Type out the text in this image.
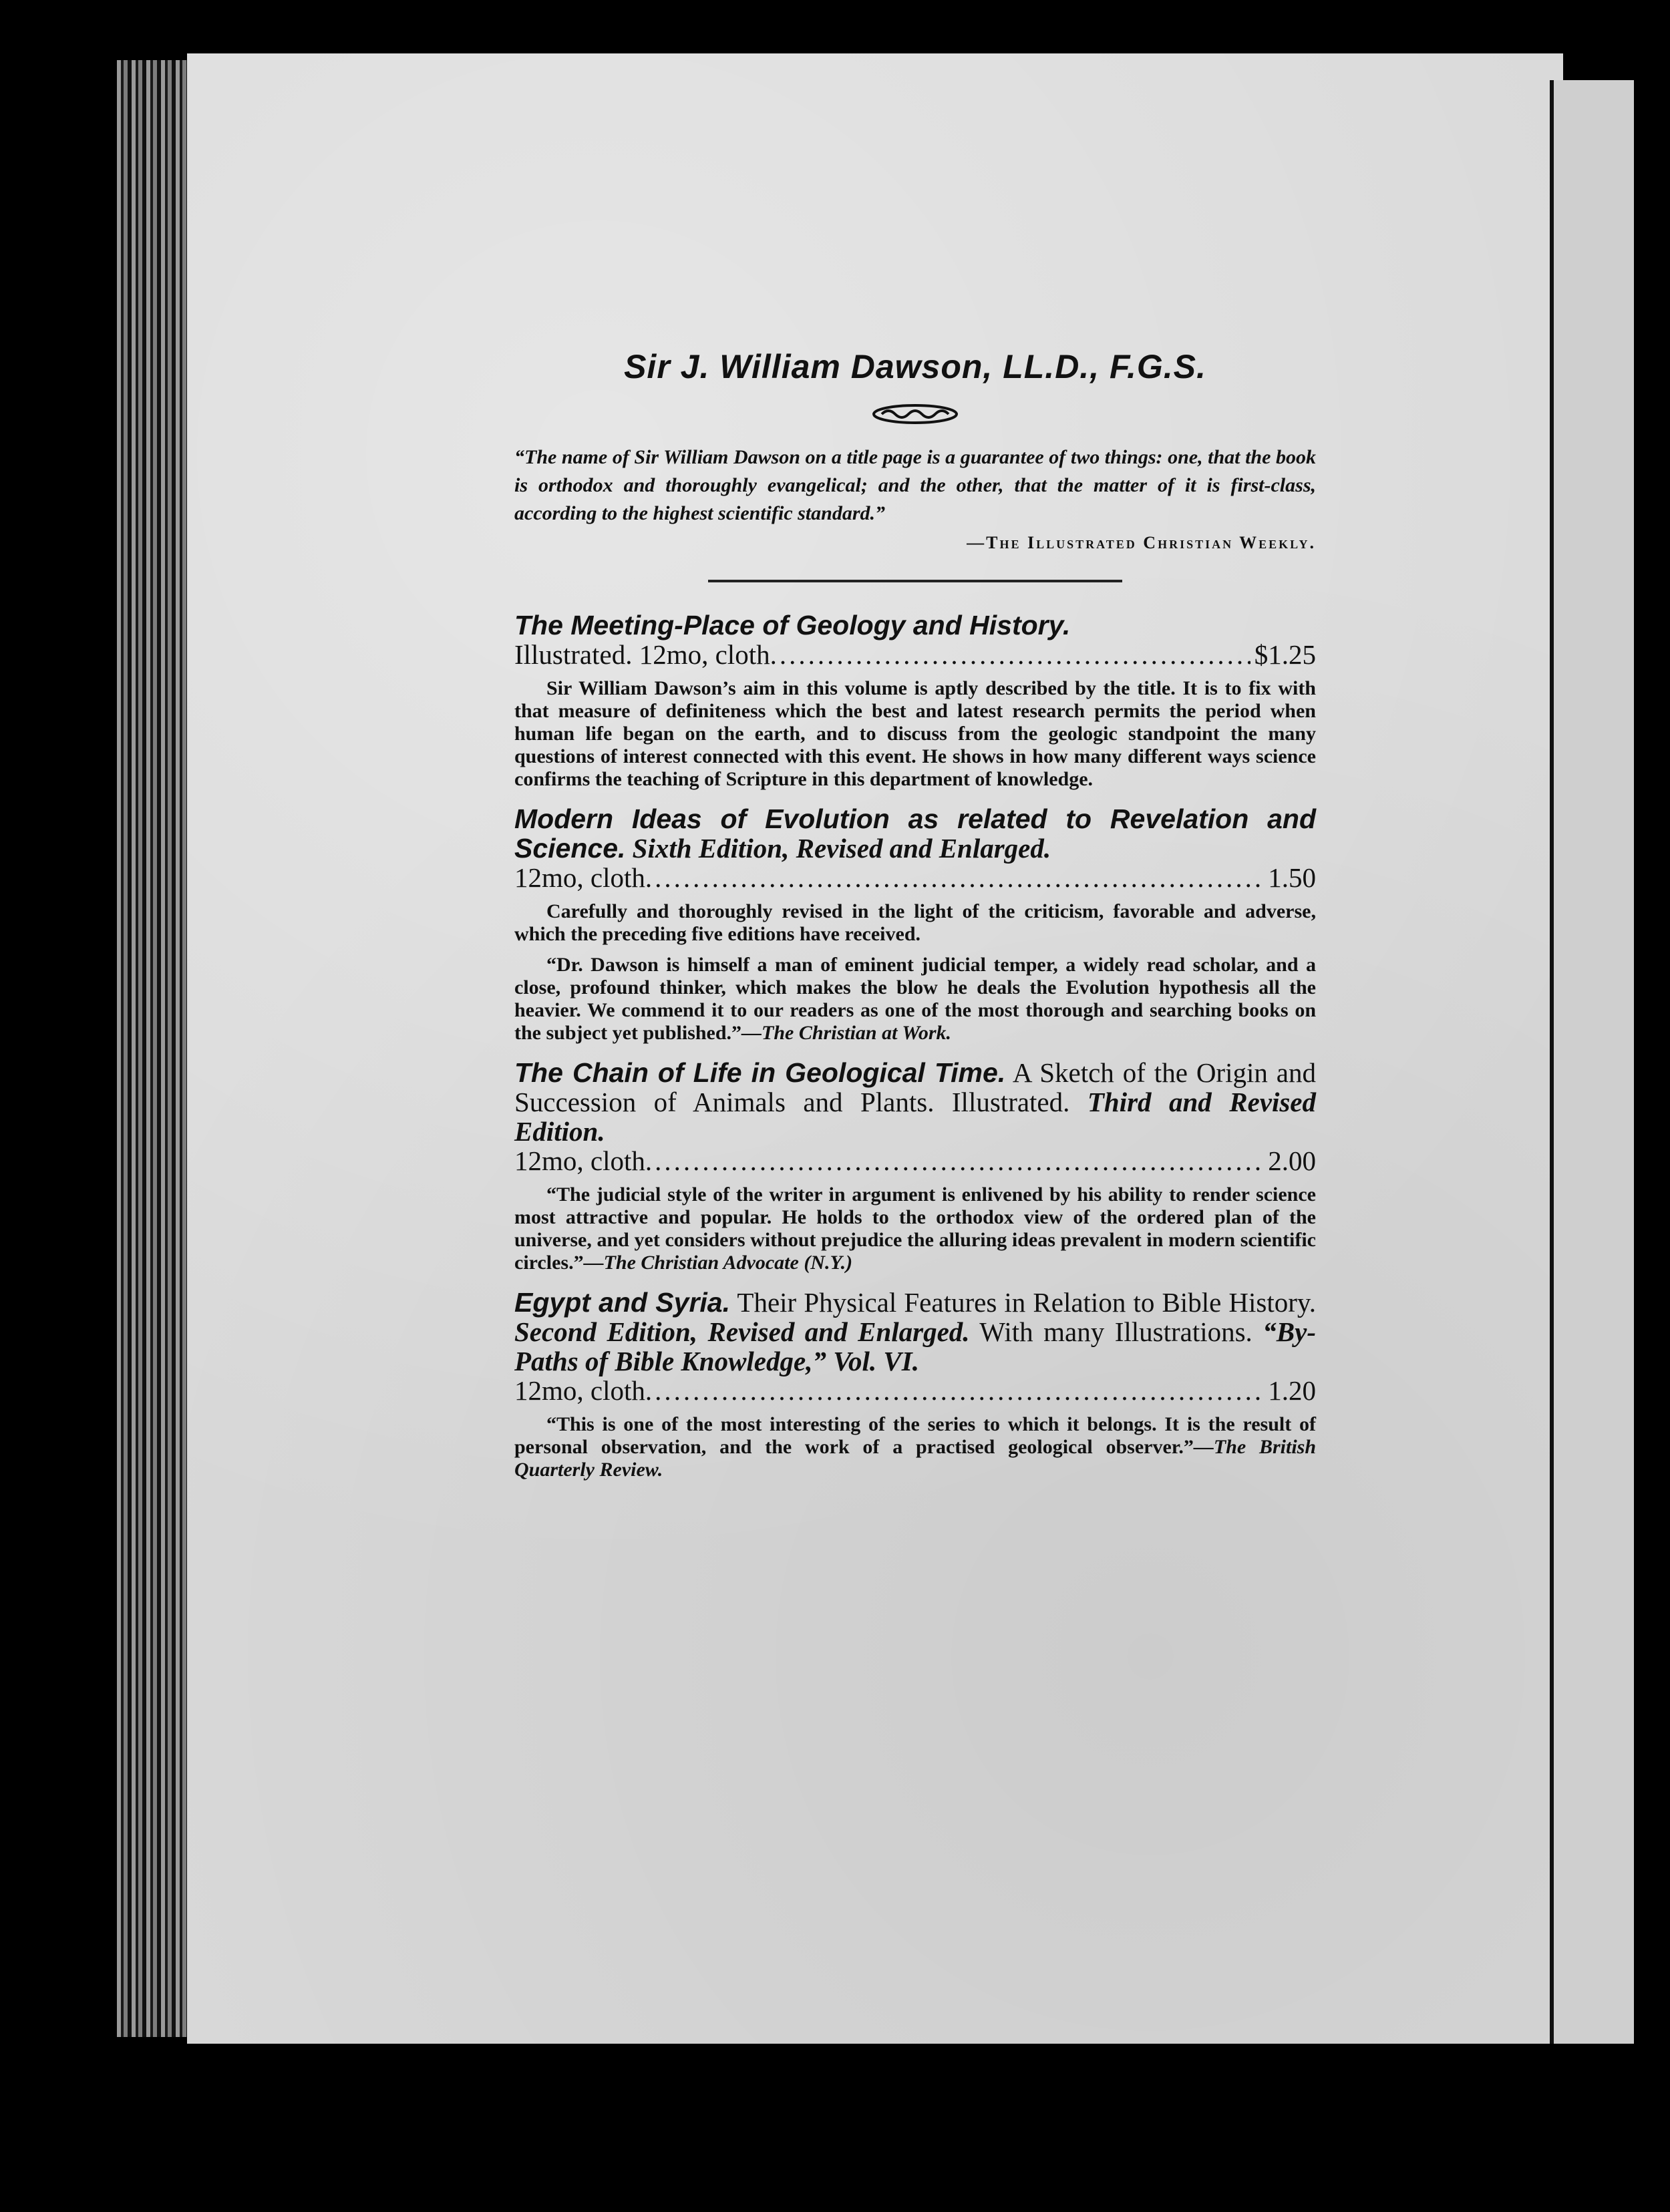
Sir J. William Dawson, LL.D., F.G.S.

“The name of Sir William Dawson on a title page is a guarantee of two things: one, that the book is orthodox and thoroughly evangelical; and the other, that the matter of it is first-class, according to the highest scientific standard.”

—The Illustrated Christian Weekly.

The Meeting-Place of Geology and History.
Illustrated. 12mo, cloth .....	$1.25

Sir William Dawson’s aim in this volume is aptly described by the title. It is to fix with that measure of definiteness which the best and latest research permits the period when human life began on the earth, and to discuss from the geologic standpoint the many questions of interest connected with this event. He shows in how many different ways science confirms the teaching of Scripture in this department of knowledge.

Modern Ideas of Evolution as related to Revelation and Science. Sixth Edition, Revised and Enlarged.
12mo, cloth .....	1.50

Carefully and thoroughly revised in the light of the criticism, favorable and adverse, which the preceding five editions have received.

“Dr. Dawson is himself a man of eminent judicial temper, a widely read scholar, and a close, profound thinker, which makes the blow he deals the Evolution hypothesis all the heavier. We commend it to our readers as one of the most thorough and searching books on the subject yet published.”—The Christian at Work.

The Chain of Life in Geological Time. A Sketch of the Origin and Succession of Animals and Plants. Illustrated. Third and Revised Edition.
12mo, cloth .....	2.00

“The judicial style of the writer in argument is enlivened by his ability to render science most attractive and popular. He holds to the orthodox view of the ordered plan of the universe, and yet considers without prejudice the alluring ideas prevalent in modern scientific circles.”—The Christian Advocate (N.Y.)

Egypt and Syria. Their Physical Features in Relation to Bible History. Second Edition, Revised and Enlarged. With many Illustrations. “By-Paths of Bible Knowledge,” Vol. VI.
12mo, cloth .....	1.20

“This is one of the most interesting of the series to which it belongs. It is the result of personal observation, and the work of a practised geological observer.”—The British Quarterly Review.
